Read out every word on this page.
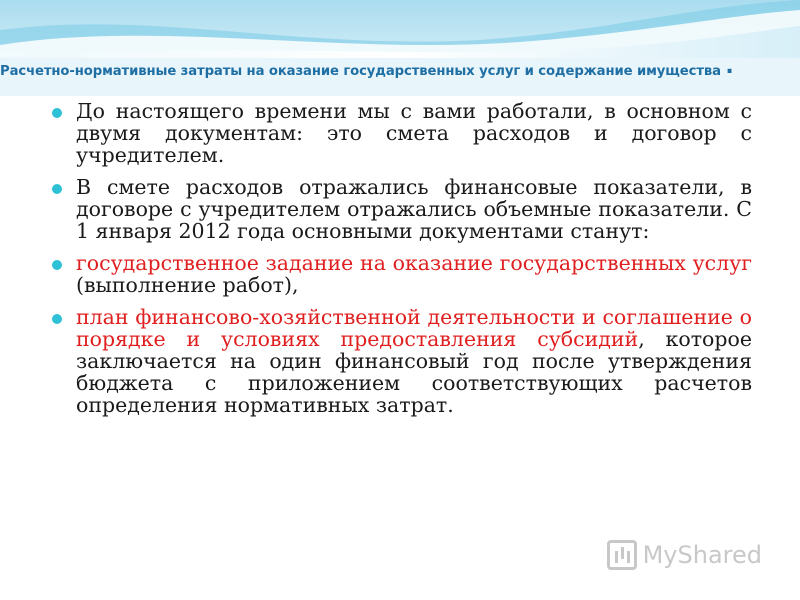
Расчетно-нормативные затраты на оказание государственных услуг и содержание имущества .
До настоящего времени мы с вами работали, в основном с двумя документам: это смета расходов и договор с учредителем.
В смете расходов отражались финансовые показатели, в договоре с учредителем отражались объемные показатели. С 1 января 2012 года основными документами станут:
государственное задание на оказание государственных услуг (выполнение работ),
план финансово-хозяйственной деятельности и соглашение о порядке и условиях предоставления субсидий, которое заключается на один финансовый год после утверждения бюджета с приложением соответствующих расчетов определения нормативных затрат.
MyShared
